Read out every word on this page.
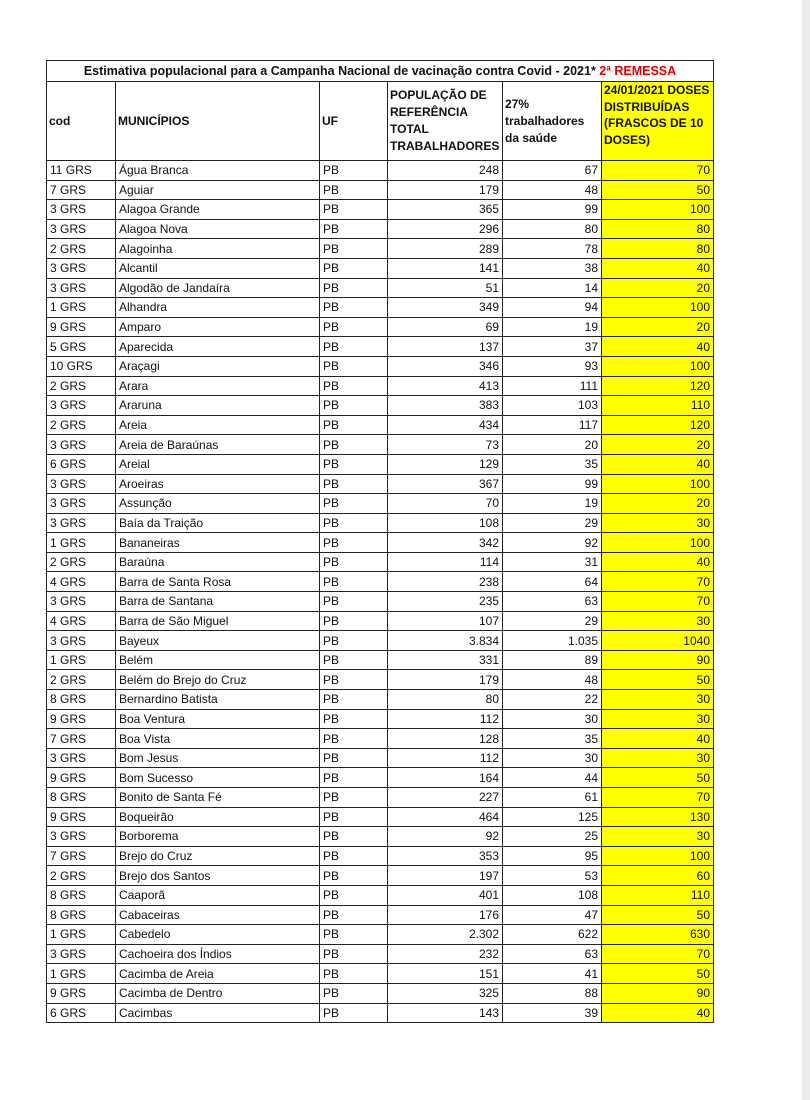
Estimativa populacional para a Campanha Nacional de vacinação contra Covid - 2021* 2ª REMESSA					
cod	MUNICÍPIOS	UF	POPULAÇÃO DE REFERÊNCIA TOTAL TRABALHADORES	27% trabalhadores da saúde	24/01/2021 DOSES DISTRIBUÍDAS (FRASCOS DE 10 DOSES)
11 GRS	Água Branca	PB	248	67	70
7 GRS	Aguiar	PB	179	48	50
3 GRS	Alagoa Grande	PB	365	99	100
3 GRS	Alagoa Nova	PB	296	80	80
2 GRS	Alagoinha	PB	289	78	80
3 GRS	Alcantil	PB	141	38	40
3 GRS	Algodão de Jandaíra	PB	51	14	20
1 GRS	Alhandra	PB	349	94	100
9 GRS	Amparo	PB	69	19	20
5 GRS	Aparecida	PB	137	37	40
10 GRS	Araçagi	PB	346	93	100
2 GRS	Arara	PB	413	111	120
3 GRS	Araruna	PB	383	103	110
2 GRS	Areia	PB	434	117	120
3 GRS	Areia de Baraúnas	PB	73	20	20
6 GRS	Areial	PB	129	35	40
3 GRS	Aroeiras	PB	367	99	100
3 GRS	Assunção	PB	70	19	20
3 GRS	Baía da Traição	PB	108	29	30
1 GRS	Bananeiras	PB	342	92	100
2 GRS	Baraúna	PB	114	31	40
4 GRS	Barra de Santa Rosa	PB	238	64	70
3 GRS	Barra de Santana	PB	235	63	70
4 GRS	Barra de São Miguel	PB	107	29	30
3 GRS	Bayeux	PB	3.834	1.035	1040
1 GRS	Belém	PB	331	89	90
2 GRS	Belém do Brejo do Cruz	PB	179	48	50
8 GRS	Bernardino Batista	PB	80	22	30
9 GRS	Boa Ventura	PB	112	30	30
7 GRS	Boa Vista	PB	128	35	40
3 GRS	Bom Jesus	PB	112	30	30
9 GRS	Bom Sucesso	PB	164	44	50
8 GRS	Bonito de Santa Fé	PB	227	61	70
9 GRS	Boqueirão	PB	464	125	130
3 GRS	Borborema	PB	92	25	30
7 GRS	Brejo do Cruz	PB	353	95	100
2 GRS	Brejo dos Santos	PB	197	53	60
8 GRS	Caaporã	PB	401	108	110
8 GRS	Cabaceiras	PB	176	47	50
1 GRS	Cabedelo	PB	2.302	622	630
3 GRS	Cachoeira dos Índios	PB	232	63	70
1 GRS	Cacimba de Areia	PB	151	41	50
9 GRS	Cacimba de Dentro	PB	325	88	90
6 GRS	Cacimbas	PB	143	39	40
